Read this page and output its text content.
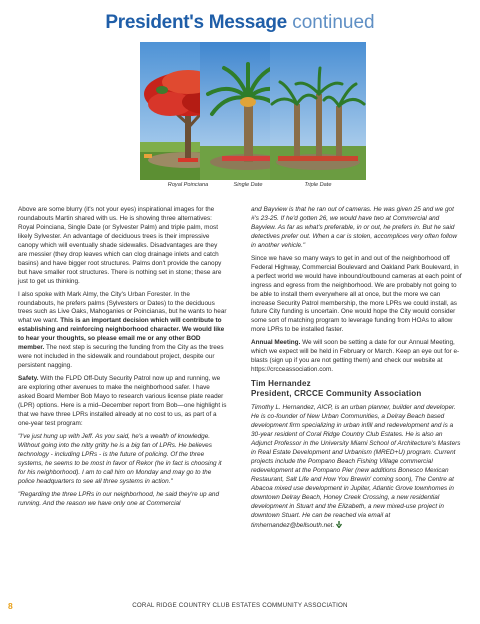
President's Message continued
Royal Poinciana	Single Date	Triple Date

Above are some blurry (it's not your eyes) inspirational images for the roundabouts Martin shared with us. He is showing three alternatives: Royal Poinciana, Single Date (or Sylvester Palm) and triple palm, most likely Sylvester. An advantage of deciduous trees is their impressive canopy which will eventually shade sidewalks. Disadvantages are they are messier (they drop leaves which can clog drainage inlets and catch basins) and have bigger root structures. Palms don't provide the canopy but have smaller root structures. There is nothing set in stone; these are just to get us thinking.

I also spoke with Mark Almy, the City's Urban Forester. In the roundabouts, he prefers palms (Sylvesters or Dates) to the deciduous trees such as Live Oaks, Mahoganies or Poincianas, but he wants to hear what we want. This is an important decision which will contribute to establishing and reinforcing neighborhood character. We would like to hear your thoughts, so please email me or any other BOD member. The next step is securing the funding from the City as the trees were not included in the sidewalk and roundabout project, despite our persistent nagging.

Safety. With the FLPD Off-Duty Security Patrol now up and running, we are exploring other avenues to make the neighborhood safer. I have asked Board Member Bob Mayo to research various license plate reader (LPR) options. Here is a mid–December report from Bob—one highlight is that we have three LPRs installed already at no cost to us, as part of a one-year test program:

"I've just hung up with Jeff. As you said, he's a wealth of knowledge. Without going into the nitty gritty he is a big fan of LPRs. He believes technology - including LPRs - is the future of policing. Of the three systems, he seems to be most in favor of Rekor (he in fact is choosing it for his neighborhood). I am to call him on Monday and may go to the police headquarters to see all three systems in action."

"Regarding the three LPRs in our neighborhood, he said they're up and running. And the reason we have only one at Commercial

and Bayview is that he ran out of cameras. He was given 25 and we got #'s 23-25. If he'd gotten 26, we would have two at Commercial and Bayview. As far as what's preferable, in or out, he prefers in. But he said detectives prefer out. When a car is stolen, accomplices very often follow in another vehicle."

Since we have so many ways to get in and out of the neighborhood off Federal Highway, Commercial Boulevard and Oakland Park Boulevard, in a perfect world we would have inbound/outbound cameras at each point of ingress and egress from the neighborhood. We are probably not going to be able to install them everywhere all at once, but the more we can increase Security Patrol membership, the more LPRs we could install, as future City funding is uncertain. One would hope the City would consider some sort of matching program to leverage funding from HOAs to allow more LPRs to be installed faster.

Annual Meeting. We will soon be setting a date for our Annual Meeting, which we expect will be held in February or March. Keep an eye out for e-blasts (sign up if you are not getting them) and check our website at https://crcceassociation.com.

Tim Hernandez

President, CRCCE Community Association

Timothy L. Hernandez, AICP, is an urban planner, builder and developer. He is co-founder of New Urban Communities, a Delray Beach based development firm specializing in urban infill and redevelopment and is a 30-year resident of Coral Ridge Country Club Estates. He is also an Adjunct Professor in the University Miami School of Architecture's Masters in Real Estate Development and Urbanism (MRED+U) program. Current projects include the Pompano Beach Fishing Village commercial redevelopment at the Pompano Pier (new additions Bonesco Mexican Restaurant, Salt Life and How You Brewin' coming soon), The Centre at Abacoa mixed use development in Jupiter, Atlantic Grove townhomes in downtown Delray Beach, Honey Creek Crossing, a new residential development in Stuart and the Elizabeth, a new mixed-use project in downtown Stuart. He can be reached via email at timhernandez@bellsouth.net.

8	CORAL RIDGE COUNTRY CLUB ESTATES COMMUNITY ASSOCIATION
